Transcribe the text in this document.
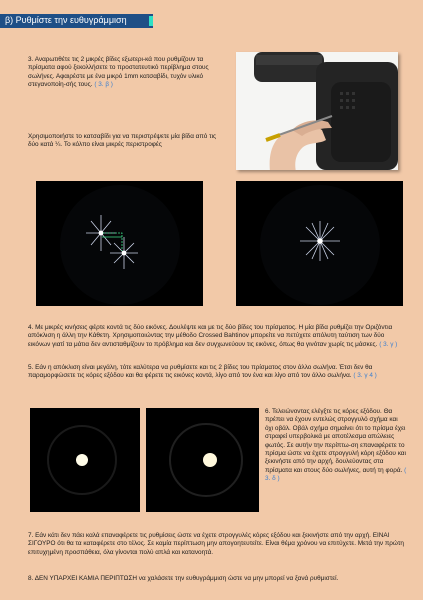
β) Ρυθμίστε την ευθυγράμμιση

3. Αναρωτιθέτε τις 2 μικρές βίδες εξωτερι-κά που ρυθμίζουν τα πρίσματα αφού ξεκολλήσετε το προστατευτικό περίβλημα στους σωλήνες. Αφαιρέστε με ένα μικρό 1mm κατσαβίδι, τυχόν υλικό στεγανοποίη-σής τους. ( 3. β )

Χρησιμοποιήστε το κατσαβίδι για να περιστρέψετε μία βίδα από τις δύο κατά ¼. Το κόλπο είναι μικρές περιστροφές

4. Με μικρές κινήσεις φέρτε κοντά τις δύο εικόνες. Δουλέψτε και με τις δύο βίδες του πρίσματος. Η μία βίδα ρυθμίζει την Οριζόντια απόκλιση η άλλη την Κάθετη. Χρησιμοποιώντας την μέθοδο Crossed Bahtinov μπορείτε να πετύχετε απόλυτη ταύτιση των δύο εικόνων γιατί τα μάτια δεν αντισταθμίζουν το πρόβλημα και δεν συγχωνεύουν τις εικόνες, όπως θα γινόταν χωρίς τις μάσκες. ( 3. γ )

5. Εάν η απόκλιση είναι μεγάλη, τότε καλύτερα να ρυθμίσετε και τις 2 βίδες του πρίσματος στον άλλο σωλήνα. Έτσι δεν θα παραμορφώσετε τις κόρες εξόδου και θα φέρετε τις εικόνες κοντά, λίγο από τον ένα και λίγο από τον άλλο σωλήνα. ( 3. γ 4 )

6. Τελειώνοντας ελέγξτε τις κόρες εξόδου. Θα πρέπει να έχουν εντελώς στρογγυλό σχήμα και όχι οβάλ. Οβάλ σχήμα σημαίνει ότι το πρίσμα έχει στραφεί υπερβολικά με αποτέλεσμα απώλειες φωτός. Σε αυτήν την περίπτω-ση επαναφέρετε το πρίσμα ώστε να έχετε στρογγυλή κόρη εξόδου και ξεκινήστε από την αρχή, δουλεύοντας στα πρίσματα και στους δύο σωλήνες, αυτή τη φορά. ( 3. δ )

7. Εάν κάτι δεν πάει καλά επαναφέρετε τις ρυθμίσεις ώστε να έχετε στρογγυλές κόρες εξόδου και ξεκινήστε από την αρχή. ΕΙΝΑΙ ΣΙΓΟΥΡΟ ότι θα τα καταφέρετε στο τέλος. Σε καμία περίπτωση μην απογοητευτείτε. Είναι θέμα χρόνου να επιτύχετε. Μετά την πρώτη επιτυχημένη προσπάθεια, όλα γίνονται πολύ απλά και κατανοητά.

8. ΔΕΝ ΥΠΑΡΧΕΙ ΚΑΜΙΑ ΠΕΡΙΠΤΩΣΗ να χαλάσετε την ευθυγράμμιση ώστε να μην μπορεί να ξανά ρυθμιστεί.
